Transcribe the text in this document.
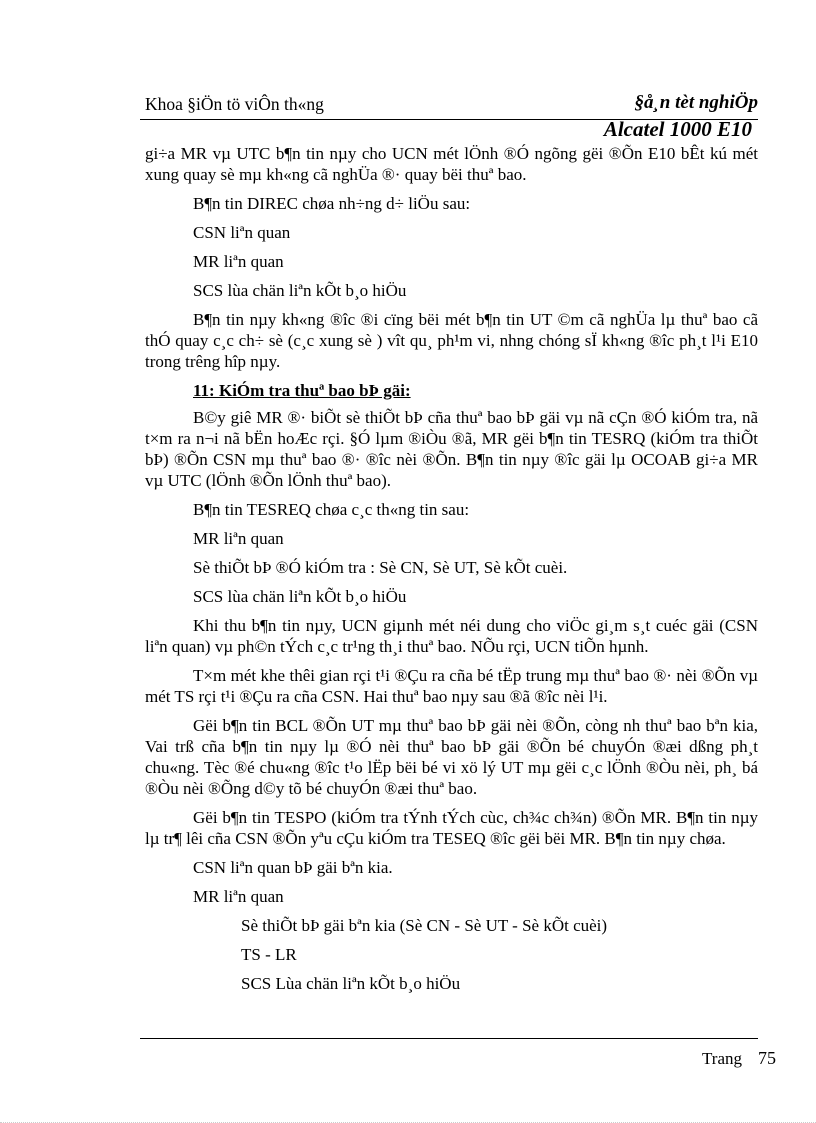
Khoa §iÖn tö viÔn th«ng	§å¸n tèt nghiÖp
Alcatel 1000 E10

gi÷a MR vµ UTC b¶n tin nµy cho UCN mét lÖnh ®Ó ngõng gëi ®Õn E10 bÊt kú mét xung quay sè mµ kh«ng cã nghÜa ®· quay bëi thuª bao.

B¶n tin DIREC chøa nh÷ng d÷ liÖu sau:

CSN liªn quan

MR liªn quan

SCS lùa chän liªn kÕt b¸o hiÖu

B¶n tin nµy kh«ng ®îc ®i cïng bëi mét b¶n tin UT ©m cã nghÜa lµ thuª bao cã thÓ quay c¸c ch÷ sè (c¸c xung sè ) vît qu¸ ph¹m vi, nhng chóng sÏ kh«ng ®îc ph¸t l¹i E10 trong trêng hîp nµy.

11: KiÓm tra thuª bao bÞ gäi:

B©y giê MR ®· biÕt sè thiÕt bÞ cña thuª bao bÞ gäi vµ nã cÇn ®Ó kiÓm tra, nã t×m ra n¬i nã bËn hoÆc rçi. §Ó lµm ®iÒu ®ã, MR gëi b¶n tin TESRQ (kiÓm tra thiÕt bÞ) ®Õn CSN mµ thuª bao ®· ®îc nèi ®Õn. B¶n tin nµy ®îc gäi lµ OCOAB gi÷a MR vµ UTC (lÖnh ®Õn lÖnh thuª bao).

B¶n tin TESREQ chøa c¸c th«ng tin sau:

MR liªn quan

Sè thiÕt bÞ ®Ó kiÓm tra : Sè CN, Sè UT, Sè kÕt cuèi.

SCS lùa chän liªn kÕt b¸o hiÖu

Khi thu b¶n tin nµy, UCN giµnh mét néi dung cho viÖc gi¸m s¸t cuéc gäi (CSN liªn quan) vµ ph©n tÝch c¸c tr¹ng th¸i thuª bao. NÕu rçi, UCN tiÕn hµnh.

T×m mét khe thêi gian rçi t¹i ®Çu ra cña bé tËp trung mµ thuª bao ®· nèi ®Õn vµ mét TS rçi t¹i ®Çu ra cña CSN. Hai thuª bao nµy sau ®ã ®îc nèi l¹i.

Gëi b¶n tin BCL ®Õn UT mµ thuª bao bÞ gäi nèi ®Õn, còng nh thuª bao bªn kia, Vai trß cña b¶n tin nµy lµ ®Ó nèi thuª bao bÞ gäi ®Õn bé chuyÓn ®æi dßng ph¸t chu«ng. Tèc ®é chu«ng ®îc t¹o lËp bëi bé vi xö lý UT mµ gëi c¸c lÖnh ®Òu nèi, ph¸ bá ®Òu nèi ®Õng d©y tõ bé chuyÓn ®æi thuª bao.

Gëi b¶n tin TESPO (kiÓm tra tÝnh tÝch cùc, ch¾c ch¾n) ®Õn MR. B¶n tin nµy lµ tr¶ lêi cña CSN ®Õn yªu cÇu kiÓm tra TESEQ ®îc gëi bëi MR. B¶n tin nµy chøa.

CSN liªn quan bÞ gäi bªn kia.

MR liªn quan

Sè thiÕt bÞ gäi bªn kia (Sè CN - Sè UT - Sè kÕt cuèi)

TS - LR

SCS Lùa chän liªn kÕt b¸o hiÖu

Trang 75
